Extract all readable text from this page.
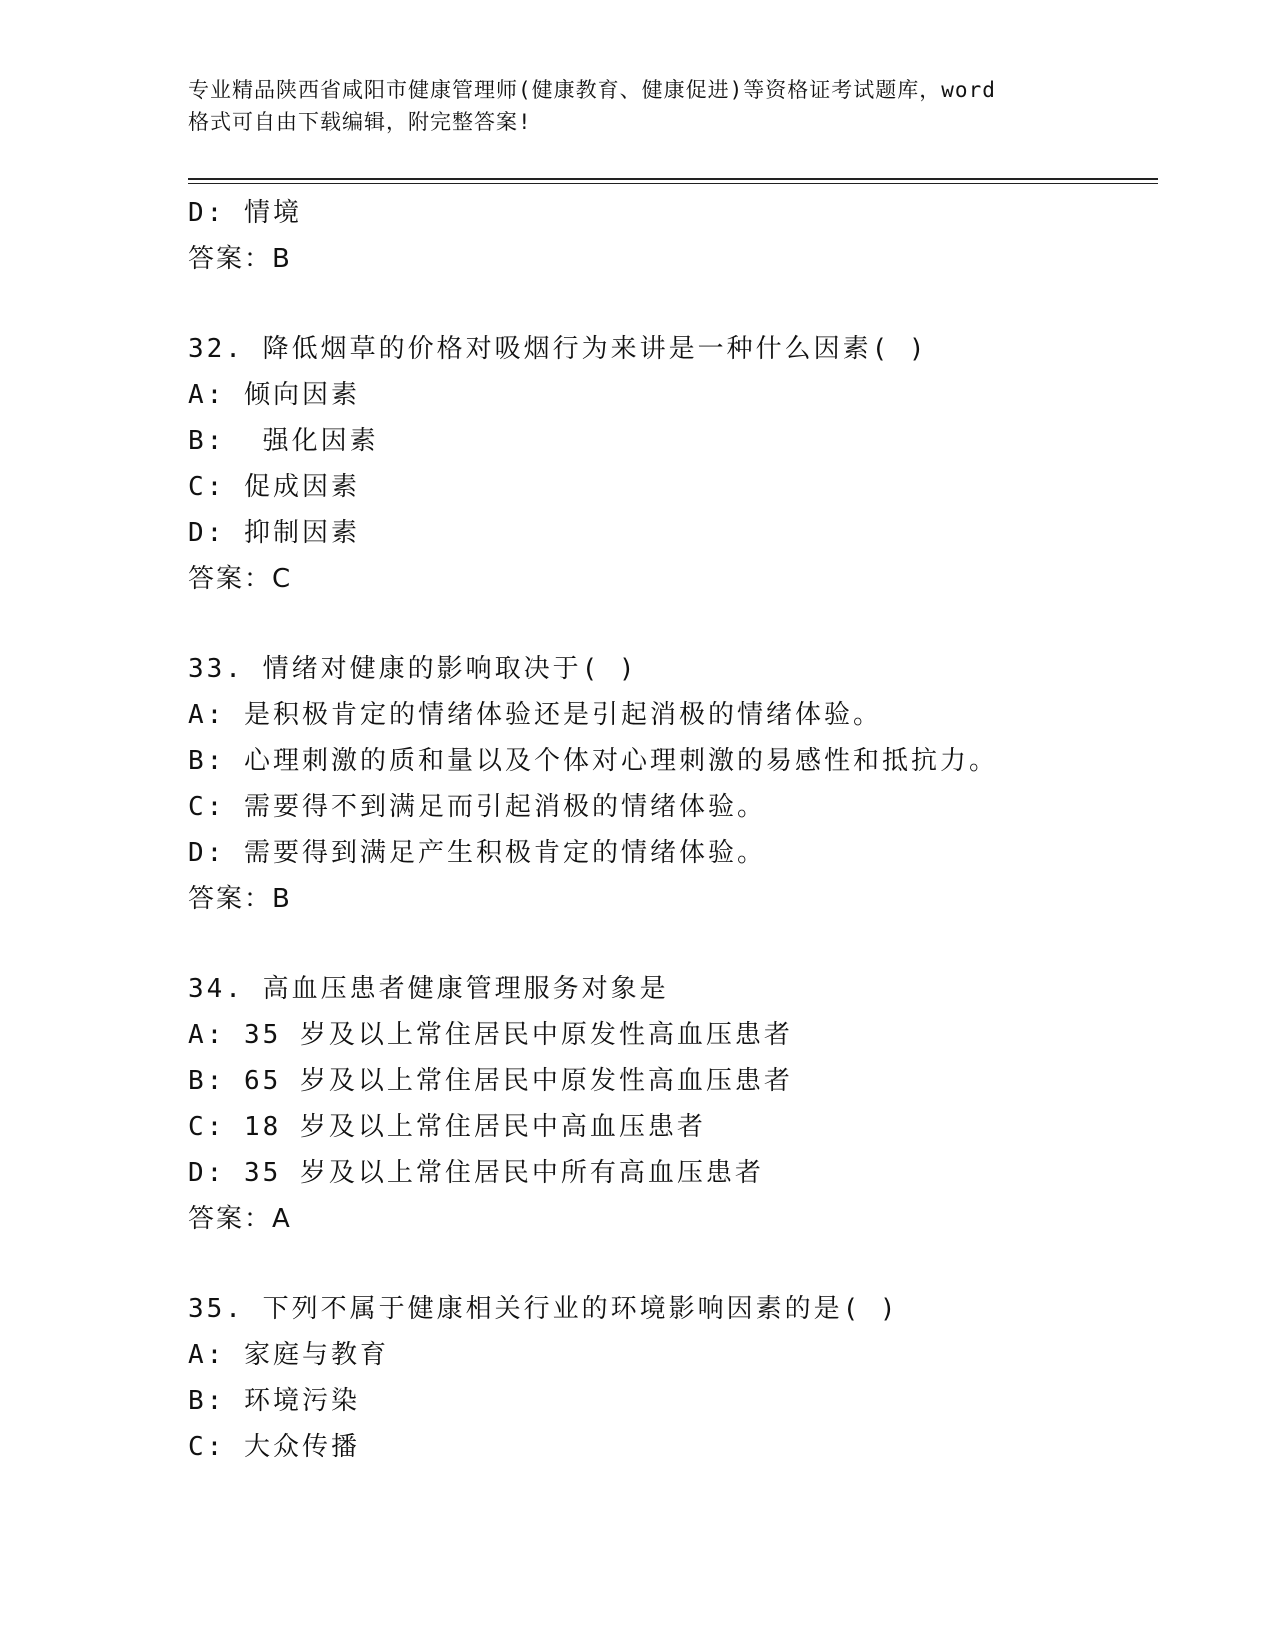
专业精品陕西省咸阳市健康管理师(健康教育、健康促进)等资格证考试题库，word
格式可自由下载编辑，附完整答案!
D: 情境
答案：B
32. 降低烟草的价格对吸烟行为来讲是一种什么因素( )
A: 倾向因素
B:  强化因素
C: 促成因素
D: 抑制因素
答案：C
33. 情绪对健康的影响取决于( )
A: 是积极肯定的情绪体验还是引起消极的情绪体验。
B: 心理刺激的质和量以及个体对心理刺激的易感性和抵抗力。
C: 需要得不到满足而引起消极的情绪体验。
D: 需要得到满足产生积极肯定的情绪体验。
答案：B
34. 高血压患者健康管理服务对象是
A: 35 岁及以上常住居民中原发性高血压患者
B: 65 岁及以上常住居民中原发性高血压患者
C: 18 岁及以上常住居民中高血压患者
D: 35 岁及以上常住居民中所有高血压患者
答案：A
35. 下列不属于健康相关行业的环境影响因素的是( )
A: 家庭与教育
B: 环境污染
C: 大众传播
